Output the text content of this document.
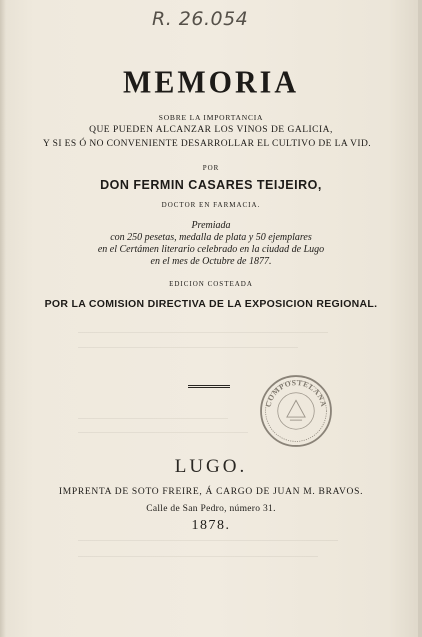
R. 26.054
MEMORIA
SOBRE LA IMPORTANCIA
QUE PUEDEN ALCANZAR LOS VINOS DE GALICIA,
Y SI ES Ó NO CONVENIENTE DESARROLLAR EL CULTIVO DE LA VID.
POR
DON FERMIN CASARES TEIJEIRO,
DOCTOR EN FARMACIA.
Premiada
con 250 pesetas, medalla de plata y 50 ejemplares
en el Certámen literario celebrado en la ciudad de Lugo
en el mes de Octubre de 1877.
EDICION COSTEADA
POR LA COMISION DIRECTIVA DE LA EXPOSICION REGIONAL.
COMPOSTELANA
LUGO.
IMPRENTA DE SOTO FREIRE, Á CARGO DE JUAN M. BRAVOS.
Calle de San Pedro, número 31.
1878.
